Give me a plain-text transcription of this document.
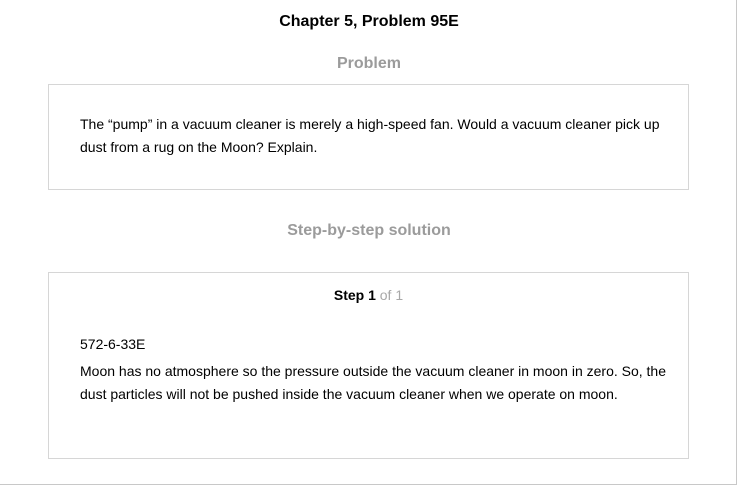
Chapter 5, Problem 95E
Problem
The “pump” in a vacuum cleaner is merely a high-speed fan. Would a vacuum cleaner pick up dust from a rug on the Moon? Explain.
Step-by-step solution
Step 1 of 1
572-6-33E
Moon has no atmosphere so the pressure outside the vacuum cleaner in moon in zero. So, the dust particles will not be pushed inside the vacuum cleaner when we operate on moon.
